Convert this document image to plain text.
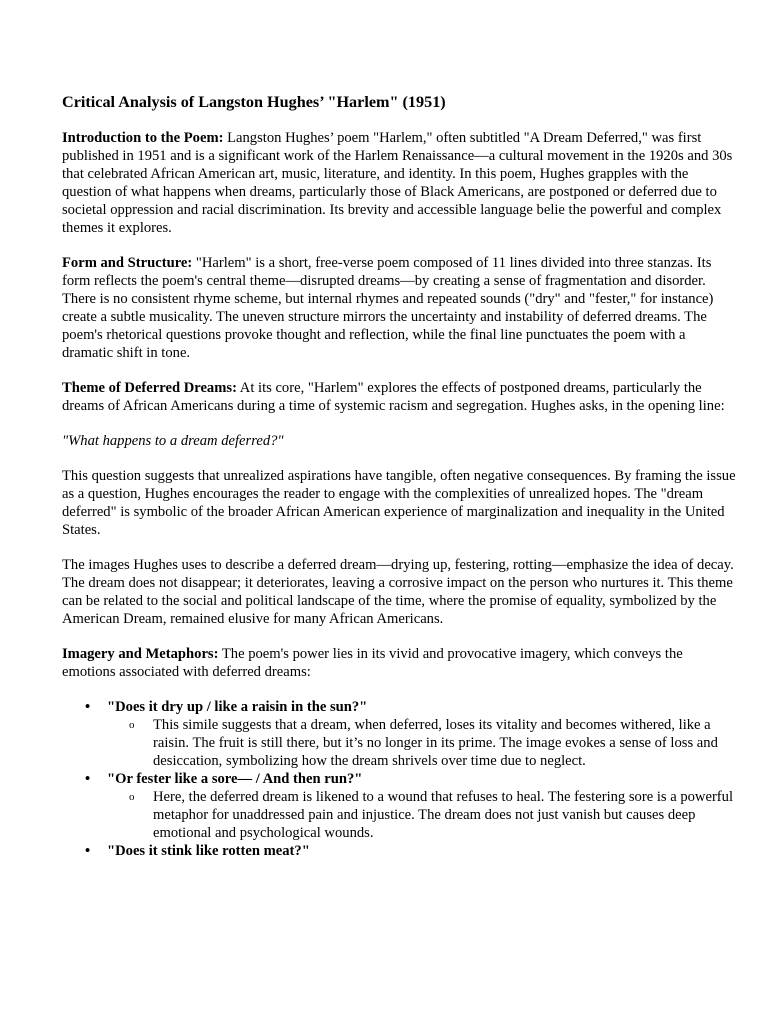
Critical Analysis of Langston Hughes’ "Harlem" (1951)

Introduction to the Poem: Langston Hughes’ poem "Harlem," often subtitled "A Dream Deferred," was first published in 1951 and is a significant work of the Harlem Renaissance—a cultural movement in the 1920s and 30s that celebrated African American art, music, literature, and identity. In this poem, Hughes grapples with the question of what happens when dreams, particularly those of Black Americans, are postponed or deferred due to societal oppression and racial discrimination. Its brevity and accessible language belie the powerful and complex themes it explores.

Form and Structure: "Harlem" is a short, free-verse poem composed of 11 lines divided into three stanzas. Its form reflects the poem's central theme—disrupted dreams—by creating a sense of fragmentation and disorder. There is no consistent rhyme scheme, but internal rhymes and repeated sounds ("dry" and "fester," for instance) create a subtle musicality. The uneven structure mirrors the uncertainty and instability of deferred dreams. The poem's rhetorical questions provoke thought and reflection, while the final line punctuates the poem with a dramatic shift in tone.

Theme of Deferred Dreams: At its core, "Harlem" explores the effects of postponed dreams, particularly the dreams of African Americans during a time of systemic racism and segregation. Hughes asks, in the opening line:

"What happens to a dream deferred?"

This question suggests that unrealized aspirations have tangible, often negative consequences. By framing the issue as a question, Hughes encourages the reader to engage with the complexities of unrealized hopes. The "dream deferred" is symbolic of the broader African American experience of marginalization and inequality in the United States.

The images Hughes uses to describe a deferred dream—drying up, festering, rotting—emphasize the idea of decay. The dream does not disappear; it deteriorates, leaving a corrosive impact on the person who nurtures it. This theme can be related to the social and political landscape of the time, where the promise of equality, symbolized by the American Dream, remained elusive for many African Americans.

Imagery and Metaphors: The poem's power lies in its vivid and provocative imagery, which conveys the emotions associated with deferred dreams:

• "Does it dry up / like a raisin in the sun?"
o This simile suggests that a dream, when deferred, loses its vitality and becomes withered, like a raisin. The fruit is still there, but it’s no longer in its prime. The image evokes a sense of loss and desiccation, symbolizing how the dream shrivels over time due to neglect.
• "Or fester like a sore— / And then run?"
o Here, the deferred dream is likened to a wound that refuses to heal. The festering sore is a powerful metaphor for unaddressed pain and injustice. The dream does not just vanish but causes deep emotional and psychological wounds.
• "Does it stink like rotten meat?"
